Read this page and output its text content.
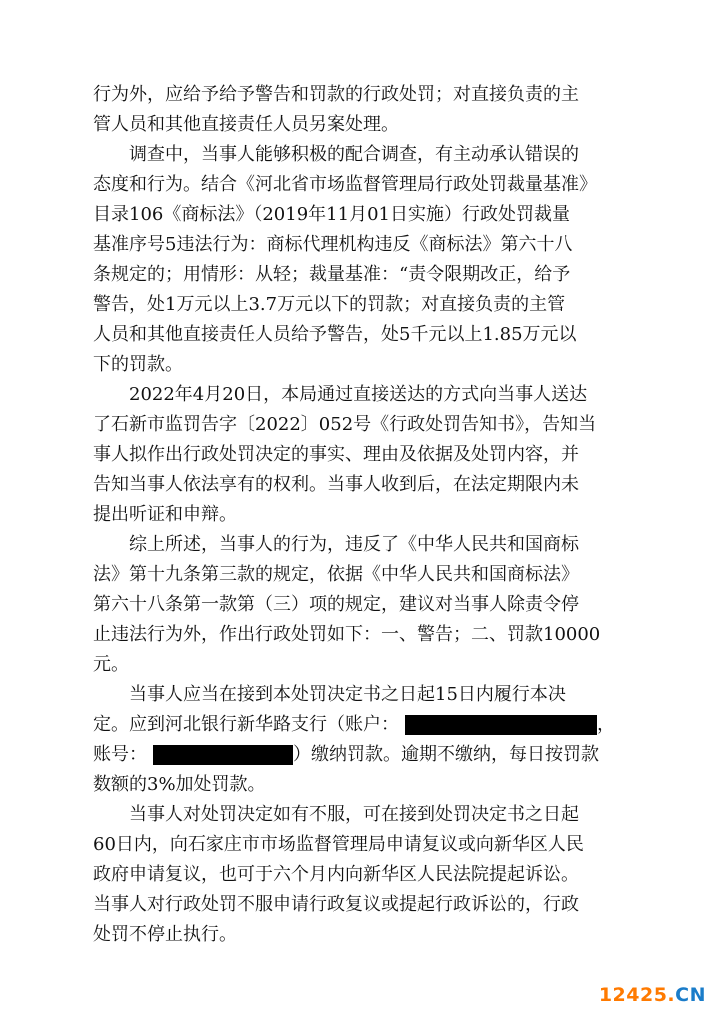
行为外，应给予给予警告和罚款的行政处罚；对直接负责的主
管人员和其他直接责任人员另案处理。
调查中，当事人能够积极的配合调查，有主动承认错误的
态度和行为。结合《河北省市场监督管理局行政处罚裁量基准》
目录106《商标法》（2019年11月01日实施）行政处罚裁量
基准序号5违法行为：商标代理机构违反《商标法》第六十八
条规定的；用情形：从轻；裁量基准：“责令限期改正，给予
警告，处1万元以上3.7万元以下的罚款；对直接负责的主管
人员和其他直接责任人员给予警告，处5千元以上1.85万元以
下的罚款。
2022年4月20日，本局通过直接送达的方式向当事人送达
了石新市监罚告字〔2022〕052号《行政处罚告知书》，告知当
事人拟作出行政处罚决定的事实、理由及依据及处罚内容，并
告知当事人依法享有的权利。当事人收到后，在法定期限内未
提出听证和申辩。
综上所述，当事人的行为，违反了《中华人民共和国商标
法》第十九条第三款的规定，依据《中华人民共和国商标法》
第六十八条第一款第（三）项的规定，建议对当事人除责令停
止违法行为外，作出行政处罚如下：一、警告；二、罚款10000
元。
当事人应当在接到本处罚决定书之日起15日内履行本决
定。应到河北银行新华路支行（账户：	，
账号：	）缴纳罚款。逾期不缴纳，每日按罚款
数额的3%加处罚款。
当事人对处罚决定如有不服，可在接到处罚决定书之日起
60日内，向石家庄市市场监督管理局申请复议或向新华区人民
政府申请复议，也可于六个月内向新华区人民法院提起诉讼。
当事人对行政处罚不服申请行政复议或提起行政诉讼的，行政
处罚不停止执行。
12425.CN
